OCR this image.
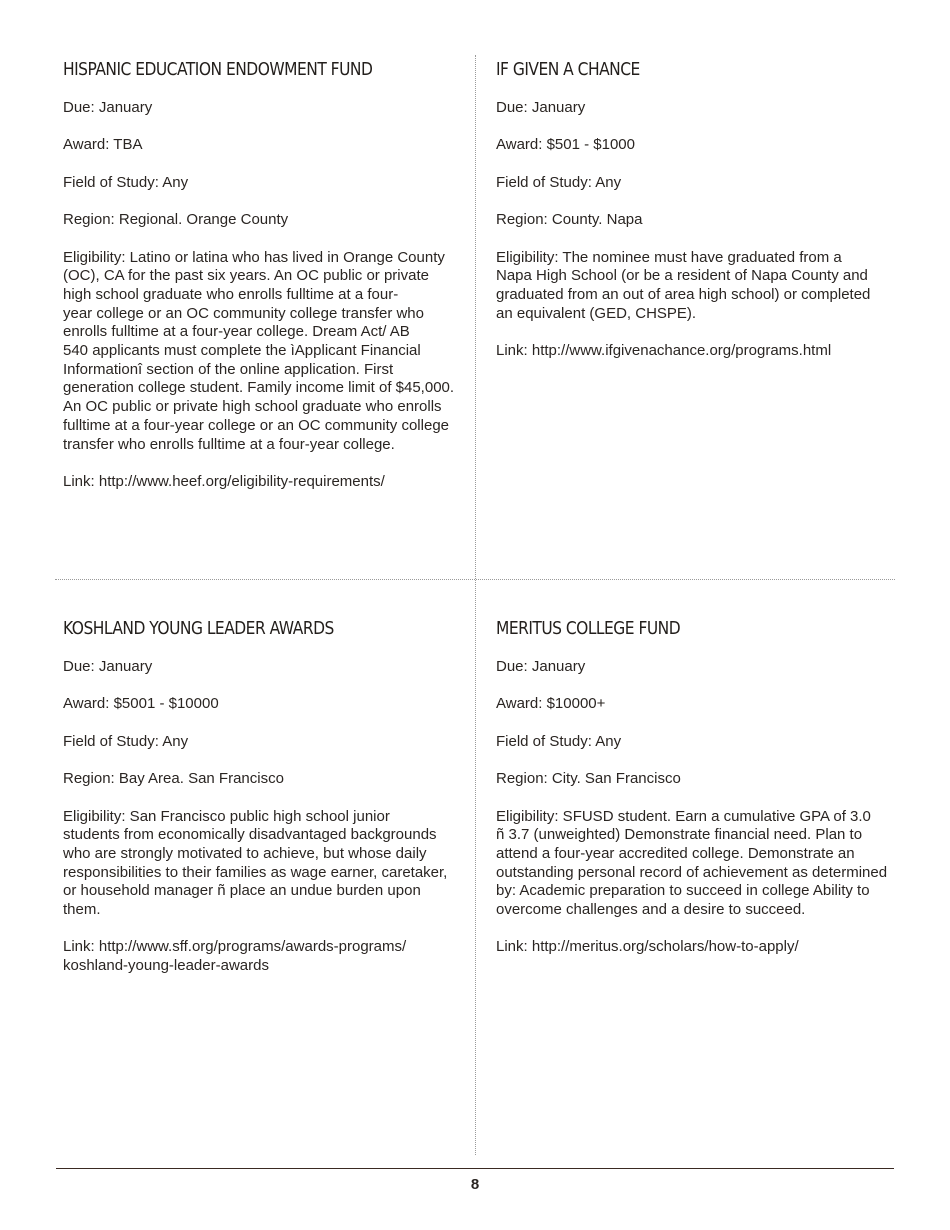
HISPANIC EDUCATION ENDOWMENT FUND
Due: January
Award: TBA
Field of Study: Any
Region: Regional. Orange County
Eligibility: Latino or latina who has lived in Orange County
(OC), CA for the past six years. An OC public or private
high school graduate who enrolls fulltime at a four-
year college or an OC community college transfer who
enrolls fulltime at a four-year college. Dream Act/ AB
540 applicants must complete the ìApplicant Financial
Informationî section of the online application. First
generation college student. Family income limit of $45,000.
An OC public or private high school graduate who enrolls
fulltime at a four-year college or an OC community college
transfer who enrolls fulltime at a four-year college.
Link: http://www.heef.org/eligibility-requirements/
IF GIVEN A CHANCE
Due: January
Award: $501 - $1000
Field of Study: Any
Region: County. Napa
Eligibility: The nominee must have graduated from a
Napa High School (or be a resident of Napa County and
graduated from an out of area high school) or completed
an equivalent (GED, CHSPE).
Link: http://www.ifgivenachance.org/programs.html
KOSHLAND YOUNG LEADER AWARDS
Due: January
Award: $5001 - $10000
Field of Study: Any
Region: Bay Area. San Francisco
Eligibility: San Francisco public high school junior
students from economically disadvantaged backgrounds
who are strongly motivated to achieve, but whose daily
responsibilities to their families as wage earner, caretaker,
or household manager ñ place an undue burden upon
them.
Link: http://www.sff.org/programs/awards-programs/
koshland-young-leader-awards
MERITUS COLLEGE FUND
Due: January
Award: $10000+
Field of Study: Any
Region: City. San Francisco
Eligibility: SFUSD student. Earn a cumulative GPA of 3.0
ñ 3.7 (unweighted) Demonstrate financial need. Plan to
attend a four-year accredited college. Demonstrate an
outstanding personal record of achievement as determined
by: Academic preparation to succeed in college Ability to
overcome challenges and a desire to succeed.
Link: http://meritus.org/scholars/how-to-apply/
8
